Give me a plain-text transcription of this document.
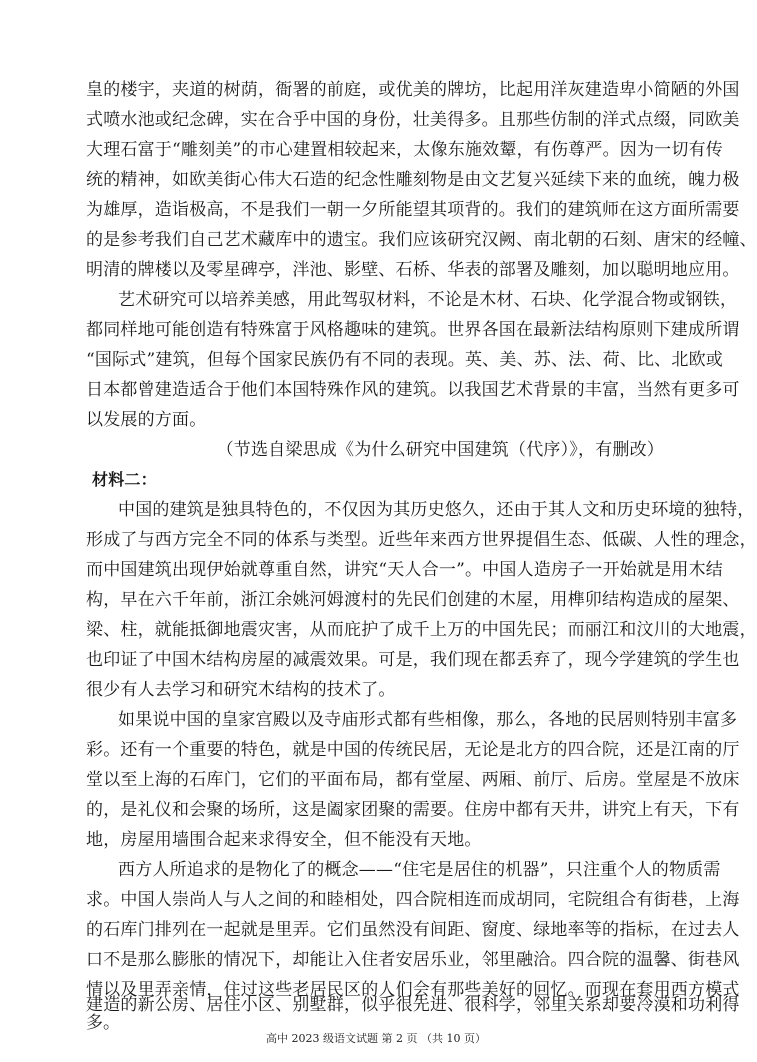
皇的楼宇，夹道的树荫，衙署的前庭，或优美的牌坊，比起用洋灰建造卑小简陋的外国
式喷水池或纪念碑，实在合乎中国的身份，壮美得多。且那些仿制的洋式点缀，同欧美
大理石富于“雕刻美”的市心建置相较起来，太像东施效颦，有伤尊严。因为一切有传
统的精神，如欧美街心伟大石造的纪念性雕刻物是由文艺复兴延续下来的血统，魄力极
为雄厚，造诣极高，不是我们一朝一夕所能望其项背的。我们的建筑师在这方面所需要
的是参考我们自己艺术藏库中的遗宝。我们应该研究汉阙、南北朝的石刻、唐宋的经幢、
明清的牌楼以及零星碑亭，泮池、影壁、石桥、华表的部署及雕刻，加以聪明地应用。
艺术研究可以培养美感，用此驾驭材料，不论是木材、石块、化学混合物或钢铁，
都同样地可能创造有特殊富于风格趣味的建筑。世界各国在最新法结构原则下建成所谓
“国际式”建筑，但每个国家民族仍有不同的表现。英、美、苏、法、荷、比、北欧或
日本都曾建造适合于他们本国特殊作风的建筑。以我国艺术背景的丰富，当然有更多可
以发展的方面。
（节选自梁思成《为什么研究中国建筑（代序）》，有删改）
材料二：
中国的建筑是独具特色的，不仅因为其历史悠久，还由于其人文和历史环境的独特，
形成了与西方完全不同的体系与类型。近些年来西方世界提倡生态、低碳、人性的理念，
而中国建筑出现伊始就尊重自然，讲究“天人合一”。中国人造房子一开始就是用木结
构，早在六千年前，浙江余姚河姆渡村的先民们创建的木屋，用榫卯结构造成的屋架、
梁、柱，就能抵御地震灾害，从而庇护了成千上万的中国先民；而丽江和汶川的大地震，
也印证了中国木结构房屋的减震效果。可是，我们现在都丢弃了，现今学建筑的学生也
很少有人去学习和研究木结构的技术了。
如果说中国的皇家宫殿以及寺庙形式都有些相像，那么，各地的民居则特别丰富多
彩。还有一个重要的特色，就是中国的传统民居，无论是北方的四合院，还是江南的厅
堂以至上海的石库门，它们的平面布局，都有堂屋、两厢、前厅、后房。堂屋是不放床
的，是礼仪和会聚的场所，这是阖家团聚的需要。住房中都有天井，讲究上有天，下有
地，房屋用墙围合起来求得安全，但不能没有天地。
西方人所追求的是物化了的概念——“住宅是居住的机器”，只注重个人的物质需
求。中国人崇尚人与人之间的和睦相处，四合院相连而成胡同，宅院组合有街巷，上海
的石库门排列在一起就是里弄。它们虽然没有间距、窗度、绿地率等的指标，在过去人
口不是那么膨胀的情况下，却能让入住者安居乐业，邻里融洽。四合院的温馨、街巷风
情以及里弄亲情，住过这些老居民区的人们会有那些美好的回忆。而现在套用西方模式
建造的新公房、居住小区、别墅群，似乎很先进、很科学，邻里关系却要冷漠和功利得
高中 2023 级语文试题 第 2 页 （共 10 页）
多。
